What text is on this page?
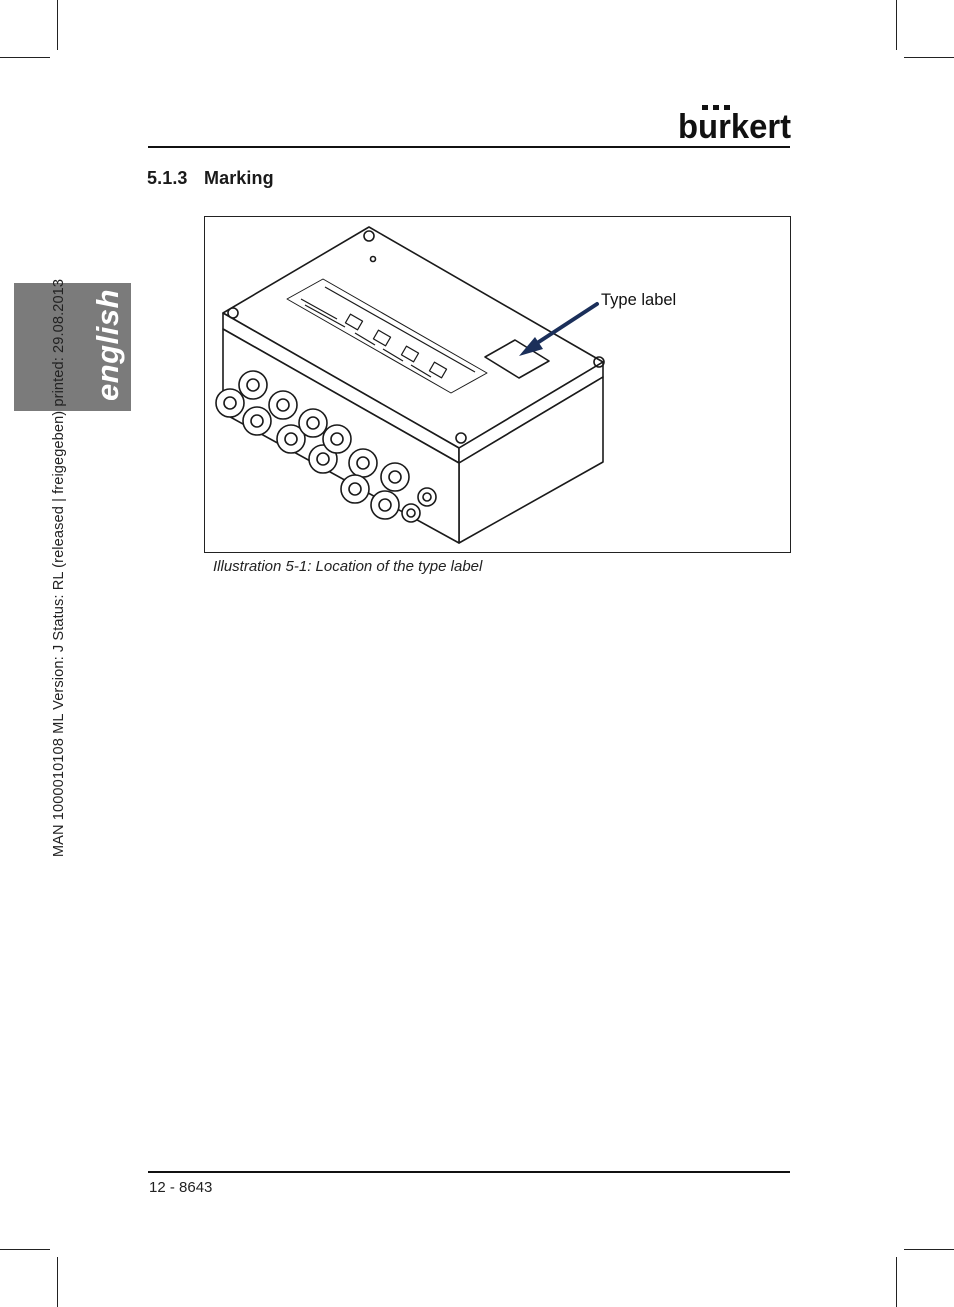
burkert
5.1.3 Marking
english
MAN 1000010108 ML Version: J Status: RL (released | freigegeben) printed: 29.08.2013	Type label
Illustration 5-1: Location of the type label
12 - 8643
